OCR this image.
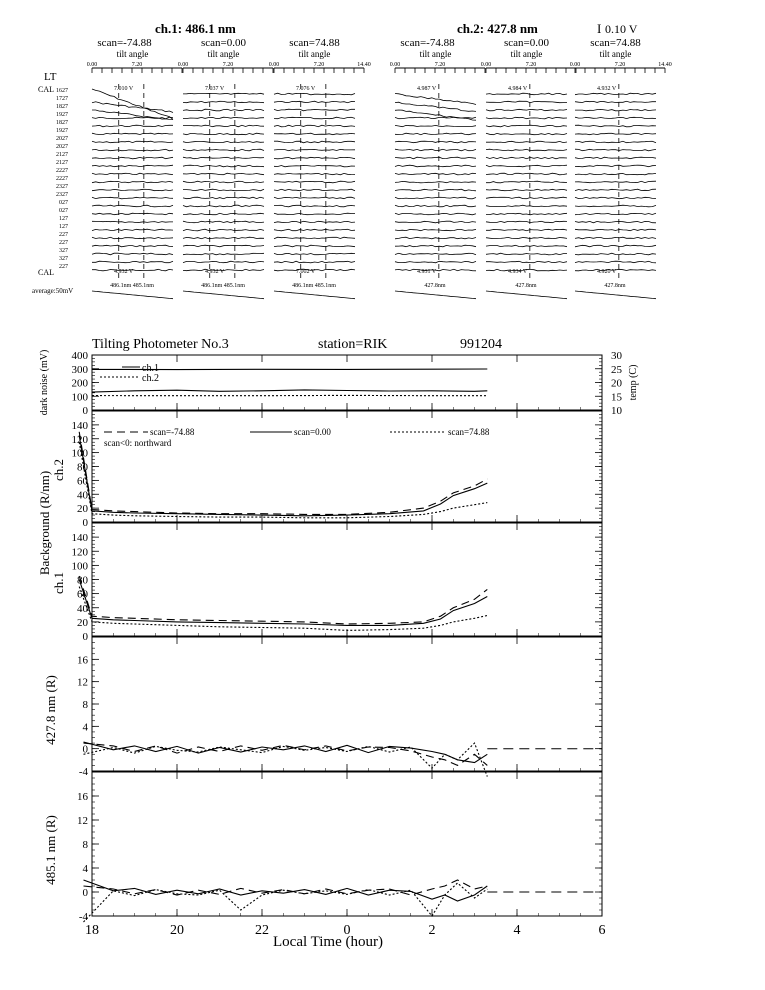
ch.1: 486.1 nm	ch.2: 427.8 nm	I 0.10 V
LT
CAL
CAL
average:50mV
1627
1727
1827
1927
1827
1927
2027
2027
2127
2127
2227
2227
2327
2327
027
027
127
127
227
227
327
327
227
scan=-74.88
tilt angle
0.00	7.20
7.010 V
4.932 V
486.1nm 485.1nm
scan=0.00
tilt angle
0.00	7.20
7.037 V
4.932 V
486.1nm 485.1nm
scan=74.88
tilt angle
0.00	7.20	14.40
7.076 V
7.002 V
486.1nm 485.1nm
scan=-74.88
tilt angle
0.00	7.20
4.987 V
4.931 V
427.8nm
scan=0.00
tilt angle
0.00	7.20
4.984 V
4.934 V
427.8nm
scan=74.88
tilt angle
0.00	7.20	14.40
4.932 V
4.920 V
427.8nm
Tilting Photometer No.3	station=RIK	991204
0
100
200
300
400
10
15
20
25
30
temp (C)
dark noise (mV)	ch.1
ch.2
0
20
40
60
80
100
120
140
Background (R/nm)
ch.2
0
20
40
60
80
100
120
140
ch.1
-4
0
4
8
12
16
427.8 nm (R)
-4
0
4
8
12
16
485.1 nm (R)
18	20	22	0	2	4	6
scan=-74.88	scan=0.00	scan=74.88
scan<0: northward
Local Time (hour)
